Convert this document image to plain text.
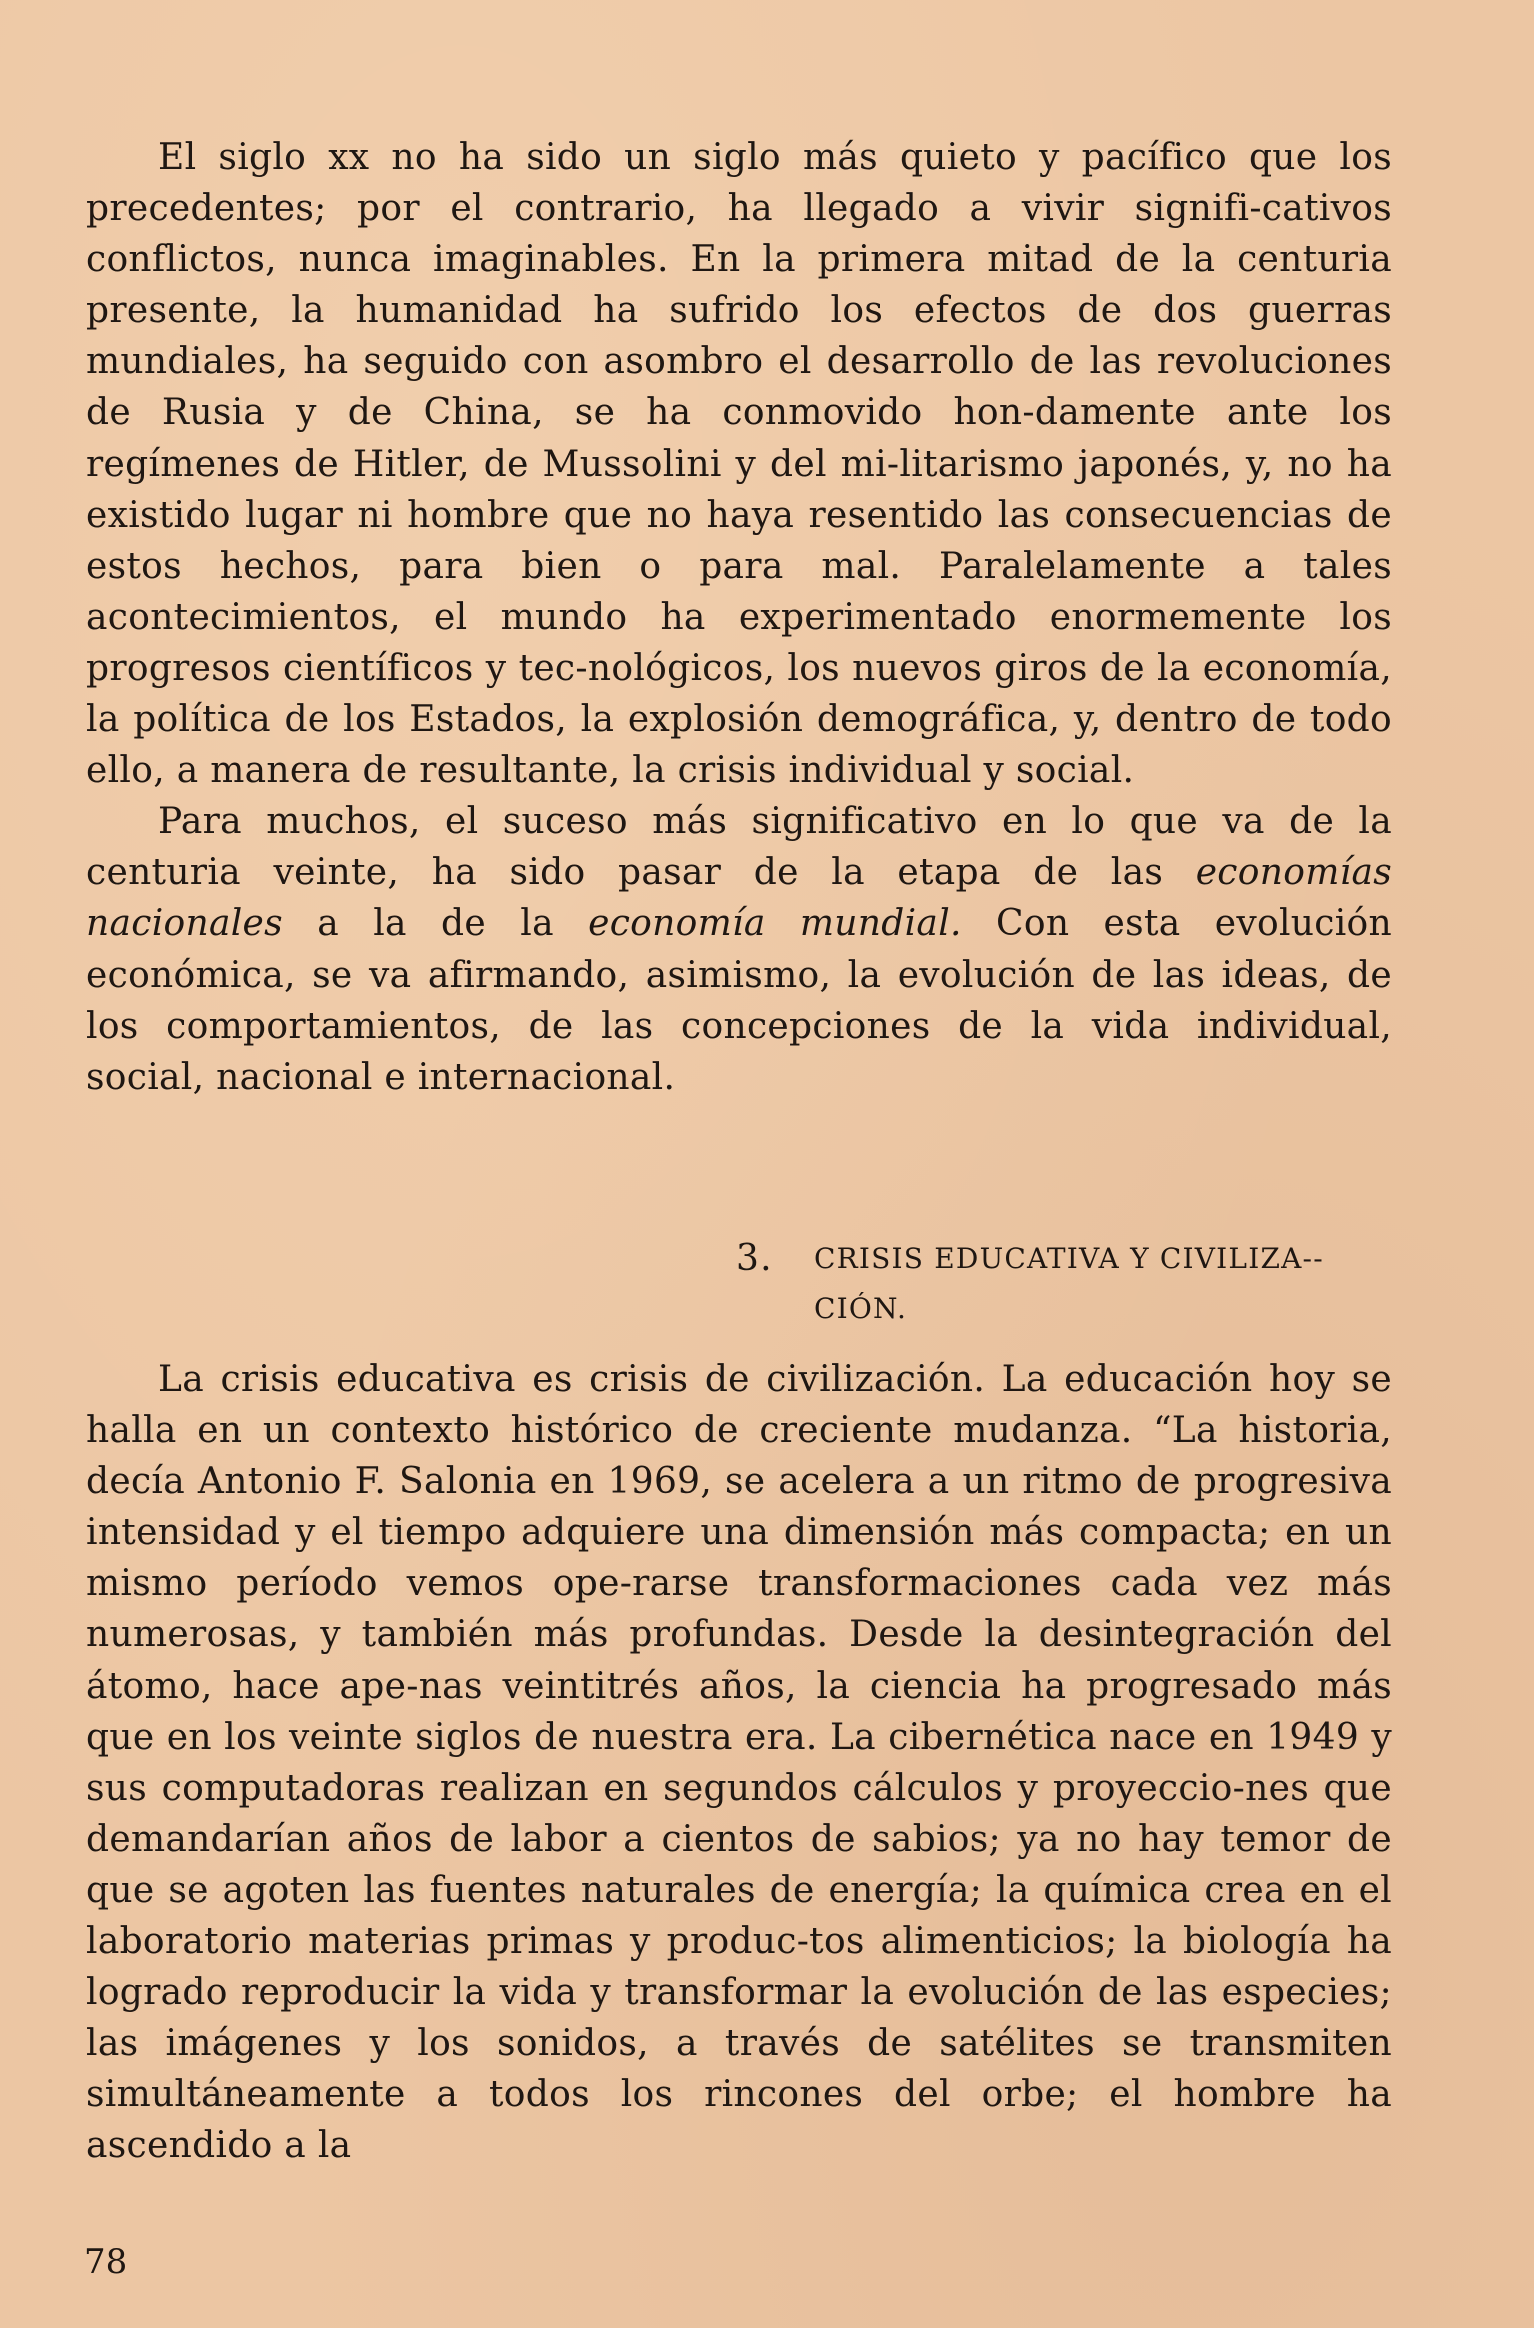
El siglo xx no ha sido un siglo más quieto y pacífico que los precedentes; por el contrario, ha llegado a vivir signifi-cativos conflictos, nunca imaginables. En la primera mitad de la centuria presente, la humanidad ha sufrido los efectos de dos guerras mundiales, ha seguido con asombro el desarrollo de las revoluciones de Rusia y de China, se ha conmovido hon-damente ante los regímenes de Hitler, de Mussolini y del mi-litarismo japonés, y, no ha existido lugar ni hombre que no haya resentido las consecuencias de estos hechos, para bien o para mal. Paralelamente a tales acontecimientos, el mundo ha experimentado enormemente los progresos científicos y tec-nológicos, los nuevos giros de la economía, la política de los Estados, la explosión demográfica, y, dentro de todo ello, a manera de resultante, la crisis individual y social.

Para muchos, el suceso más significativo en lo que va de la centuria veinte, ha sido pasar de la etapa de las economías nacionales a la de la economía mundial. Con esta evolución económica, se va afirmando, asimismo, la evolución de las ideas, de los comportamientos, de las concepciones de la vida individual, social, nacional e internacional.

3. CRISIS EDUCATIVA Y CIVILIZA-CIÓN.

La crisis educativa es crisis de civilización. La educación hoy se halla en un contexto histórico de creciente mudanza. “La historia, decía Antonio F. Salonia en 1969, se acelera a un ritmo de progresiva intensidad y el tiempo adquiere una dimensión más compacta; en un mismo período vemos ope-rarse transformaciones cada vez más numerosas, y también más profundas. Desde la desintegración del átomo, hace ape-nas veintitrés años, la ciencia ha progresado más que en los veinte siglos de nuestra era. La cibernética nace en 1949 y sus computadoras realizan en segundos cálculos y proyeccio-nes que demandarían años de labor a cientos de sabios; ya no hay temor de que se agoten las fuentes naturales de energía; la química crea en el laboratorio materias primas y produc-tos alimenticios; la biología ha logrado reproducir la vida y transformar la evolución de las especies; las imágenes y los sonidos, a través de satélites se transmiten simultáneamente a todos los rincones del orbe; el hombre ha ascendido a la

78
